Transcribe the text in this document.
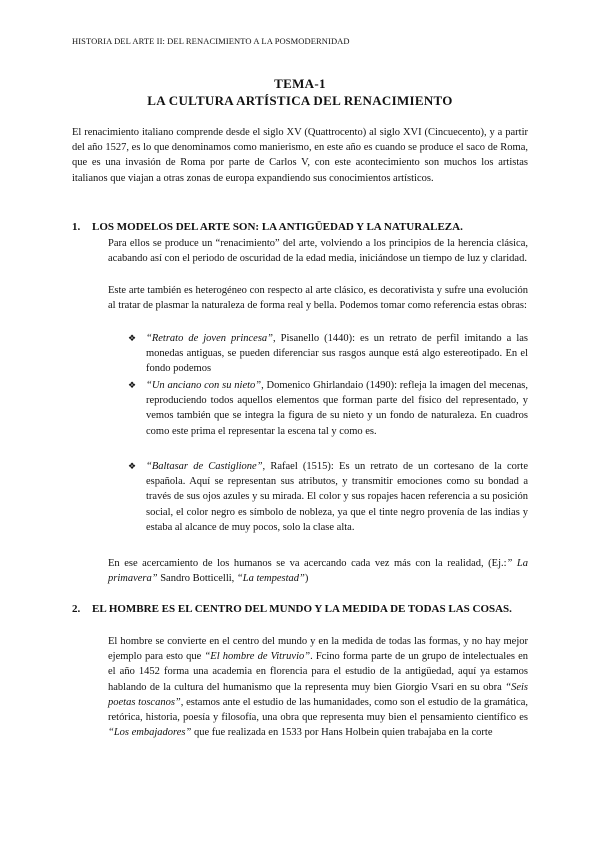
HISTORIA DEL ARTE II: DEL RENACIMIENTO A LA POSMODERNIDAD
TEMA-1
LA CULTURA ARTÍSTICA DEL RENACIMIENTO

El renacimiento italiano comprende desde el siglo XV (Quattrocento) al siglo XVI (Cincuecento), y a partir del año 1527, es lo que denominamos como manierismo, en este año es cuando se produce el saco de Roma, que es una invasión de Roma por parte de Carlos V, con este acontecimiento son muchos los artistas italianos que viajan a otras zonas de europa expandiendo sus conocimientos artísticos.

1. LOS MODELOS DEL ARTE SON: LA ANTIGÜEDAD Y LA NATURALEZA.

Para ellos se produce un “renacimiento” del arte, volviendo a los principios de la herencia clásica, acabando así con el periodo de oscuridad de la edad media, iniciándose un tiempo de luz y claridad.

Este arte también es heterogéneo con respecto al arte clásico, es decorativista y sufre una evolución al tratar de plasmar la naturaleza de forma real y bella. Podemos tomar como referencia estas obras:

❖ “Retrato de joven princesa”, Pisanello (1440): es un retrato de perfil imitando a las monedas antiguas, se pueden diferenciar sus rasgos aunque está algo estereotipado. En el fondo podemos

❖ “Un anciano con su nieto”, Domenico Ghirlandaio (1490): refleja la imagen del mecenas, reproduciendo todos aquellos elementos que forman parte del físico del representado, y vemos también que se integra la figura de su nieto y un fondo de naturaleza. En cuadros como este prima el representar la escena tal y como es.

❖ “Baltasar de Castiglione”, Rafael (1515): Es un retrato de un cortesano de la corte española. Aquí se representan sus atributos, y transmitir emociones como su bondad a través de sus ojos azules y su mirada. El color y sus ropajes hacen referencia a su posición social, el color negro es símbolo de nobleza, ya que el tinte negro provenía de las indias y estaba al alcance de muy pocos, solo la clase alta.

En ese acercamiento de los humanos se va acercando cada vez más con la realidad, (Ej.:” La primavera” Sandro Botticelli, “La tempestad”)

2. EL HOMBRE ES EL CENTRO DEL MUNDO Y LA MEDIDA DE TODAS LAS COSAS.

El hombre se convierte en el centro del mundo y en la medida de todas las formas, y no hay mejor ejemplo para esto que “El hombre de Vitruvio”. Fcino forma parte de un grupo de intelectuales en el año 1452 forma una academia en florencia para el estudio de la antigüedad, aquí ya estamos hablando de la cultura del humanismo que la representa muy bien Giorgio Vsari en su obra “Seis poetas toscanos”, estamos ante el estudio de las humanidades, como son el estudio de la gramática, retórica, historia, poesía y filosofía, una obra que representa muy bien el pensamiento científico es “Los embajadores” que fue realizada en 1533 por Hans Holbein quien trabajaba en la corte
